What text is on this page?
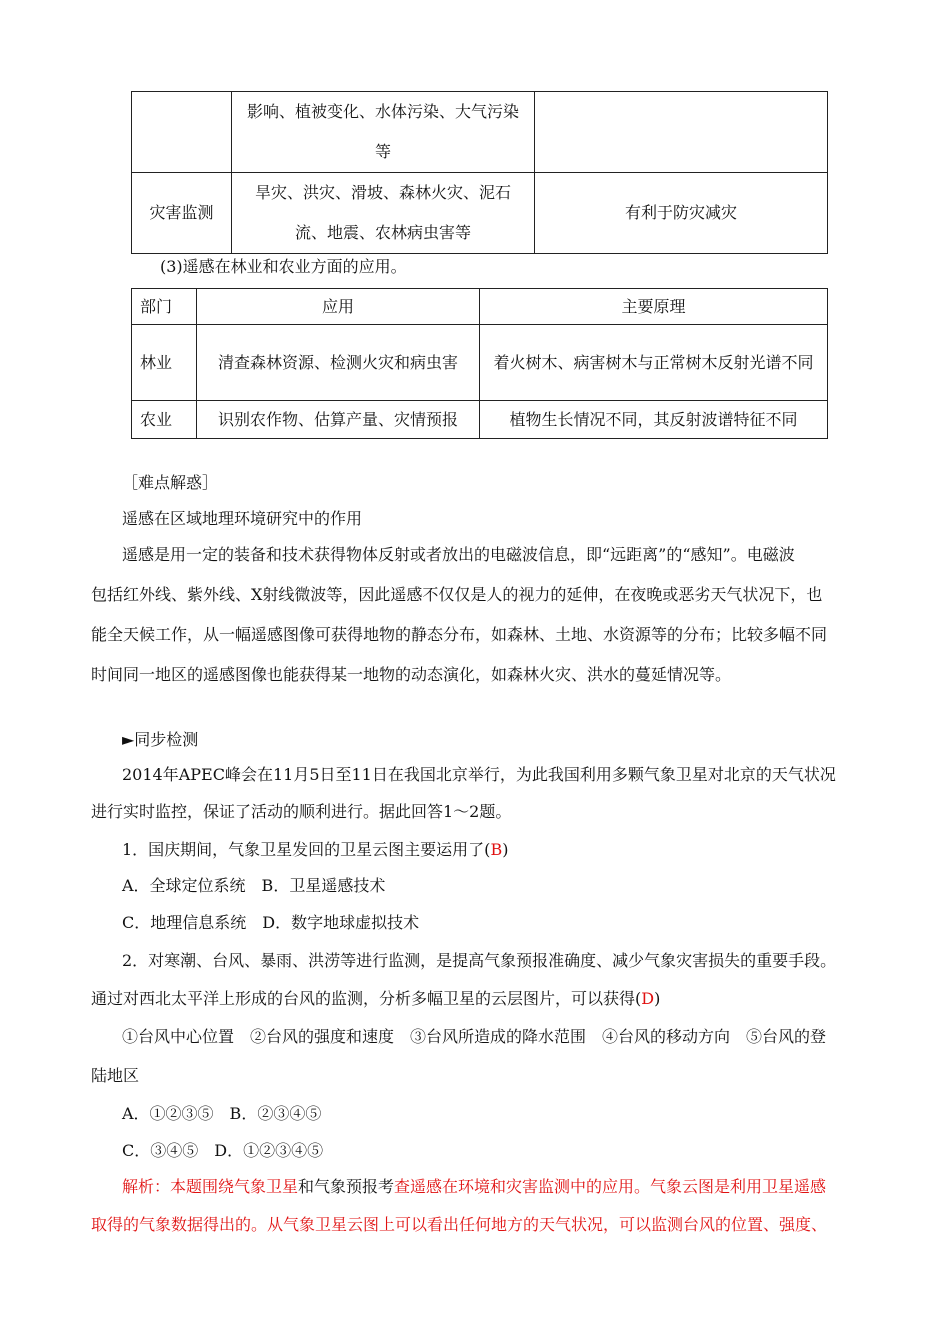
	影响、植被变化、水体污染、大气污染等	
灾害监测	旱灾、洪灾、滑坡、森林火灾、泥石流、地震、农林病虫害等	有利于防灾减灾
(3)遥感在林业和农业方面的应用。
部门	应用	主要原理
林业	清查森林资源、检测火灾和病虫害	着火树木、病害树木与正常树木反射光谱不同
农业	识别农作物、估算产量、灾情预报	植物生长情况不同，其反射波谱特征不同
［难点解惑］
遥感在区域地理环境研究中的作用
遥感是用一定的装备和技术获得物体反射或者放出的电磁波信息，即“远距离”的“感知”。电磁波
包括红外线、紫外线、X射线微波等，因此遥感不仅仅是人的视力的延伸，在夜晚或恶劣天气状况下，也
能全天候工作，从一幅遥感图像可获得地物的静态分布，如森林、土地、水资源等的分布；比较多幅不同
时间同一地区的遥感图像也能获得某一地物的动态演化，如森林火灾、洪水的蔓延情况等。
►同步检测
2014年APEC峰会在11月5日至11日在我国北京举行，为此我国利用多颗气象卫星对北京的天气状况
进行实时监控，保证了活动的顺利进行。据此回答1～2题。
1．国庆期间，气象卫星发回的卫星云图主要运用了(B)
A．全球定位系统　B．卫星遥感技术
C．地理信息系统　D．数字地球虚拟技术
2．对寒潮、台风、暴雨、洪涝等进行监测，是提高气象预报准确度、减少气象灾害损失的重要手段。
通过对西北太平洋上形成的台风的监测，分析多幅卫星的云层图片，可以获得(D)
①台风中心位置　②台风的强度和速度　③台风所造成的降水范围　④台风的移动方向　⑤台风的登
陆地区
A．①②③⑤　B．②③④⑤
C．③④⑤　D．①②③④⑤
解析：本题围绕气象卫星和气象预报考查遥感在环境和灾害监测中的应用。气象云图是利用卫星遥感
取得的气象数据得出的。从气象卫星云图上可以看出任何地方的天气状况，可以监测台风的位置、强度、
